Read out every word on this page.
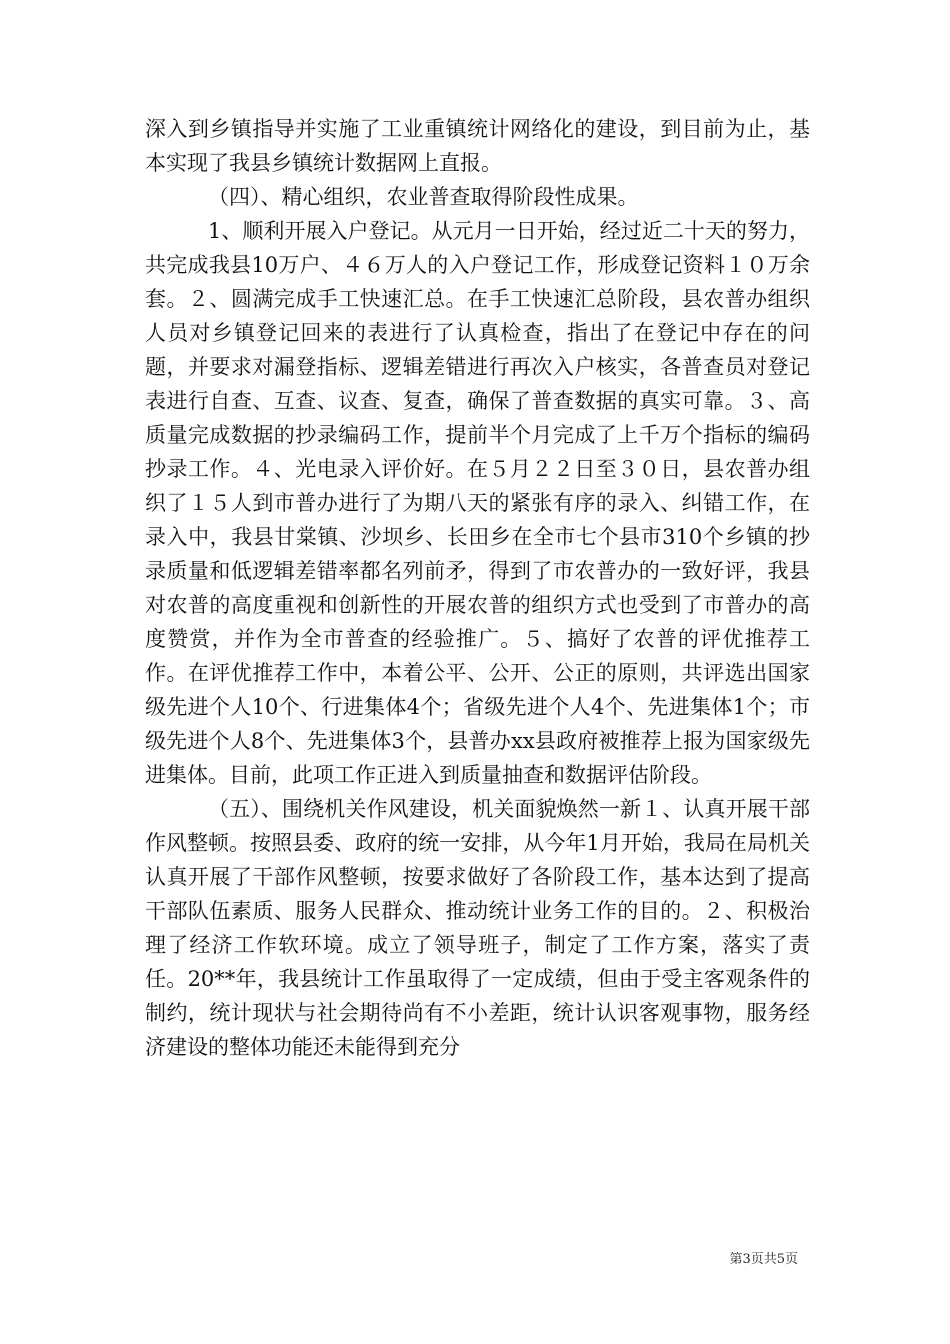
深入到乡镇指导并实施了工业重镇统计网络化的建设，到目前为止，基本实现了我县乡镇统计数据网上直报。

（四）、精心组织，农业普查取得阶段性成果。

1、顺利开展入户登记。从元月一日开始，经过近二十天的努力，共完成我县10万户、４６万人的入户登记工作，形成登记资料１０万余套。２、圆满完成手工快速汇总。在手工快速汇总阶段，县农普办组织人员对乡镇登记回来的表进行了认真检查，指出了在登记中存在的问题，并要求对漏登指标、逻辑差错进行再次入户核实，各普查员对登记表进行自查、互查、议查、复查，确保了普查数据的真实可靠。３、高质量完成数据的抄录编码工作，提前半个月完成了上千万个指标的编码抄录工作。４、光电录入评价好。在５月２２日至３０日，县农普办组织了１５人到市普办进行了为期八天的紧张有序的录入、纠错工作，在录入中，我县甘棠镇、沙坝乡、长田乡在全市七个县市310个乡镇的抄录质量和低逻辑差错率都名列前矛，得到了市农普办的一致好评，我县对农普的高度重视和创新性的开展农普的组织方式也受到了市普办的高度赞赏，并作为全市普查的经验推广。５、搞好了农普的评优推荐工作。在评优推荐工作中，本着公平、公开、公正的原则，共评选出国家级先进个人10个、行进集体4个；省级先进个人4个、先进集体1个；市级先进个人8个、先进集体3个，县普办xx县政府被推荐上报为国家级先进集体。目前，此项工作正进入到质量抽查和数据评估阶段。

（五）、围绕机关作风建设，机关面貌焕然一新１、认真开展干部作风整顿。按照县委、政府的统一安排，从今年1月开始，我局在局机关认真开展了干部作风整顿，按要求做好了各阶段工作，基本达到了提高干部队伍素质、服务人民群众、推动统计业务工作的目的。２、积极治理了经济工作软环境。成立了领导班子，制定了工作方案，落实了责任。20**年，我县统计工作虽取得了一定成绩，但由于受主客观条件的制约，统计现状与社会期待尚有不小差距，统计认识客观事物，服务经济建设的整体功能还未能得到充分

第3页共5页
